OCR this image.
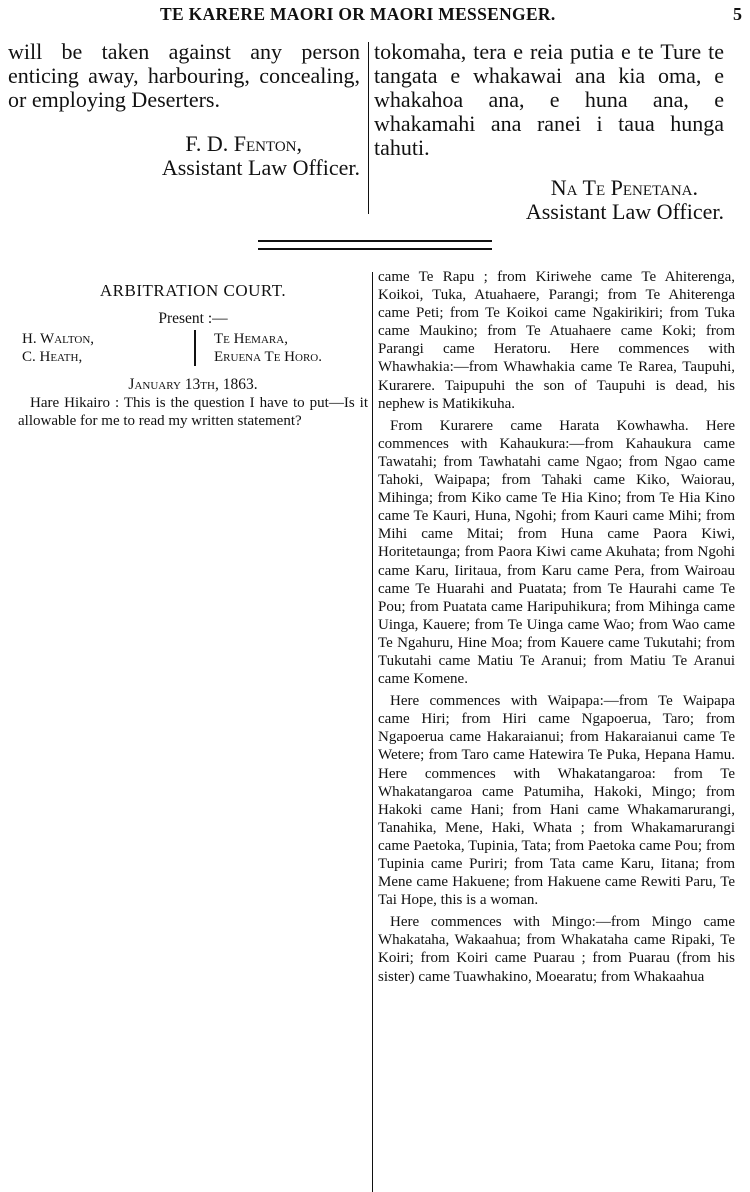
TE KARERE MAORI OR MAORI MESSENGER.	5

will be taken against any person enticing away, harbouring, concealing, or employing Deserters.

F. D. Fenton,

Assistant Law Officer.

tokomaha, tera e reia putia e te Ture te tangata e whakawai ana kia oma, e whakahoa ana, e huna ana, e whakamahi ana ranei i taua hunga tahuti.

Na Te Penetana.

Assistant Law Officer.

ARBITRATION COURT.

Present :—
H. Walton,
C. Heath,
Te Hemara,
Eruena Te Horo.
January 13th, 1863.

Hare Hikairo : This is the question I have to put—Is it allowable for me to read my written statement?

came Te Rapu ; from Kiriwehe came Te Ahiterenga, Koikoi, Tuka, Atuahaere, Parangi; from Te Ahiterenga came Peti; from Te Koikoi came Ngakirikiri; from Tuka came Maukino; from Te Atuahaere came Koki; from Parangi came Heratoru. Here commences with Whawhakia:—from Whawhakia came Te Rarea, Taupuhi, Kurarere. Taipupuhi the son of Taupuhi is dead, his nephew is Matikikuha.

From Kurarere came Harata Kowhawha. Here commences with Kahaukura:—from Kahaukura came Tawatahi; from Tawhatahi came Ngao; from Ngao came Tahoki, Waipapa; from Tahaki came Kiko, Waiorau, Mihinga; from Kiko came Te Hia Kino; from Te Hia Kino came Te Kauri, Huna, Ngohi; from Kauri came Mihi; from Mihi came Mitai; from Huna came Paora Kiwi, Horitetaunga; from Paora Kiwi came Akuhata; from Ngohi came Karu, Iiritaua, from Karu came Pera, from Wairoau came Te Huarahi and Puatata; from Te Haurahi came Te Pou; from Puatata came Haripuhikura; from Mihinga came Uinga, Kauere; from Te Uinga came Wao; from Wao came Te Ngahuru, Hine Moa; from Kauere came Tukutahi; from Tukutahi came Matiu Te Aranui; from Matiu Te Aranui came Komene.

Here commences with Waipapa:—from Te Waipapa came Hiri; from Hiri came Ngapoerua, Taro; from Ngapoerua came Hakaraianui; from Hakaraianui came Te Wetere; from Taro came Hatewira Te Puka, Hepana Hamu. Here commences with Whakatangaroa: from Te Whakatangaroa came Patumiha, Hakoki, Mingo; from Hakoki came Hani; from Hani came Whakamarurangi, Tanahika, Mene, Haki, Whata ; from Whakamarurangi came Paetoka, Tupinia, Tata; from Paetoka came Pou; from Tupinia came Puriri; from Tata came Karu, Iitana; from Mene came Hakuene; from Hakuene came Rewiti Paru, Te Tai Hope, this is a woman.

Here commences with Mingo:—from Mingo came Whakataha, Wakaahua; from Whakataha came Ripaki, Te Koiri; from Koiri came Puarau ; from Puarau (from his sister) came Tuawhakino, Moearatu; from Whakaahua
